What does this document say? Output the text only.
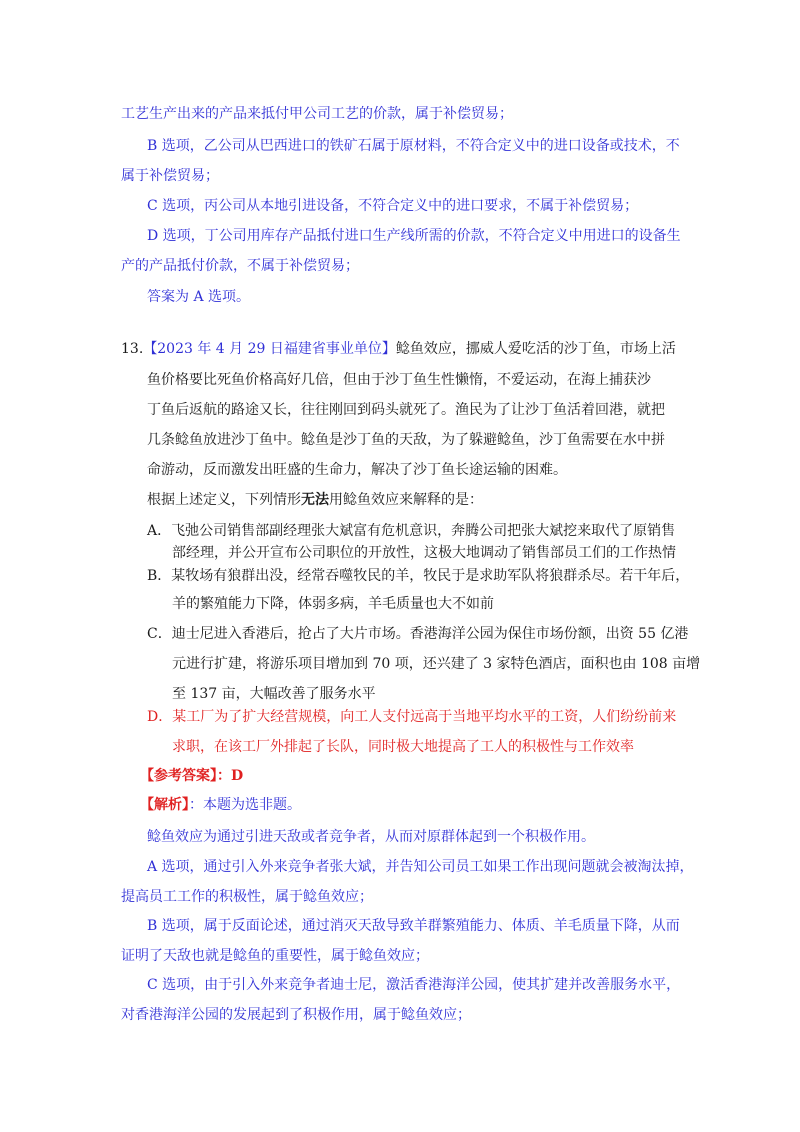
工艺生产出来的产品来抵付甲公司工艺的价款，属于补偿贸易；
B 选项，乙公司从巴西进口的铁矿石属于原材料，不符合定义中的进口设备或技术，不
属于补偿贸易；
C 选项，丙公司从本地引进设备，不符合定义中的进口要求，不属于补偿贸易；
D 选项，丁公司用库存产品抵付进口生产线所需的价款，不符合定义中用进口的设备生
产的产品抵付价款，不属于补偿贸易；
答案为 A 选项。
13.【2023 年 4 月 29 日福建省事业单位】鲶鱼效应，挪威人爱吃活的沙丁鱼，市场上活
鱼价格要比死鱼价格高好几倍，但由于沙丁鱼生性懒惰，不爱运动，在海上捕获沙
丁鱼后返航的路途又长，往往刚回到码头就死了。渔民为了让沙丁鱼活着回港，就把
几条鲶鱼放进沙丁鱼中。鲶鱼是沙丁鱼的天敌，为了躲避鲶鱼，沙丁鱼需要在水中拼
命游动，反而激发出旺盛的生命力，解决了沙丁鱼长途运输的困难。
根据上述定义，下列情形无法用鲶鱼效应来解释的是：
A．飞弛公司销售部副经理张大斌富有危机意识，奔腾公司把张大斌挖来取代了原销售
部经理，并公开宣布公司职位的开放性，这极大地调动了销售部员工们的工作热情
B．某牧场有狼群出没，经常吞噬牧民的羊，牧民于是求助军队将狼群杀尽。若干年后，
羊的繁殖能力下降，体弱多病，羊毛质量也大不如前
C．迪士尼进入香港后，抢占了大片市场。香港海洋公园为保住市场份额，出资 55 亿港
元进行扩建，将游乐项目增加到 70 项，还兴建了 3 家特色酒店，面积也由 108 亩增
至 137 亩，大幅改善了服务水平
D．某工厂为了扩大经营规模，向工人支付远高于当地平均水平的工资，人们纷纷前来
求职，在该工厂外排起了长队，同时极大地提高了工人的积极性与工作效率
【参考答案】：D
【解析】：本题为选非题。
鲶鱼效应为通过引进天敌或者竞争者，从而对原群体起到一个积极作用。
A 选项，通过引入外来竞争者张大斌，并告知公司员工如果工作出现问题就会被淘汰掉，
提高员工工作的积极性，属于鲶鱼效应；
B 选项，属于反面论述，通过消灭天敌导致羊群繁殖能力、体质、羊毛质量下降，从而
证明了天敌也就是鲶鱼的重要性，属于鲶鱼效应；
C 选项，由于引入外来竞争者迪士尼，激活香港海洋公园，使其扩建并改善服务水平，
对香港海洋公园的发展起到了积极作用，属于鲶鱼效应；
